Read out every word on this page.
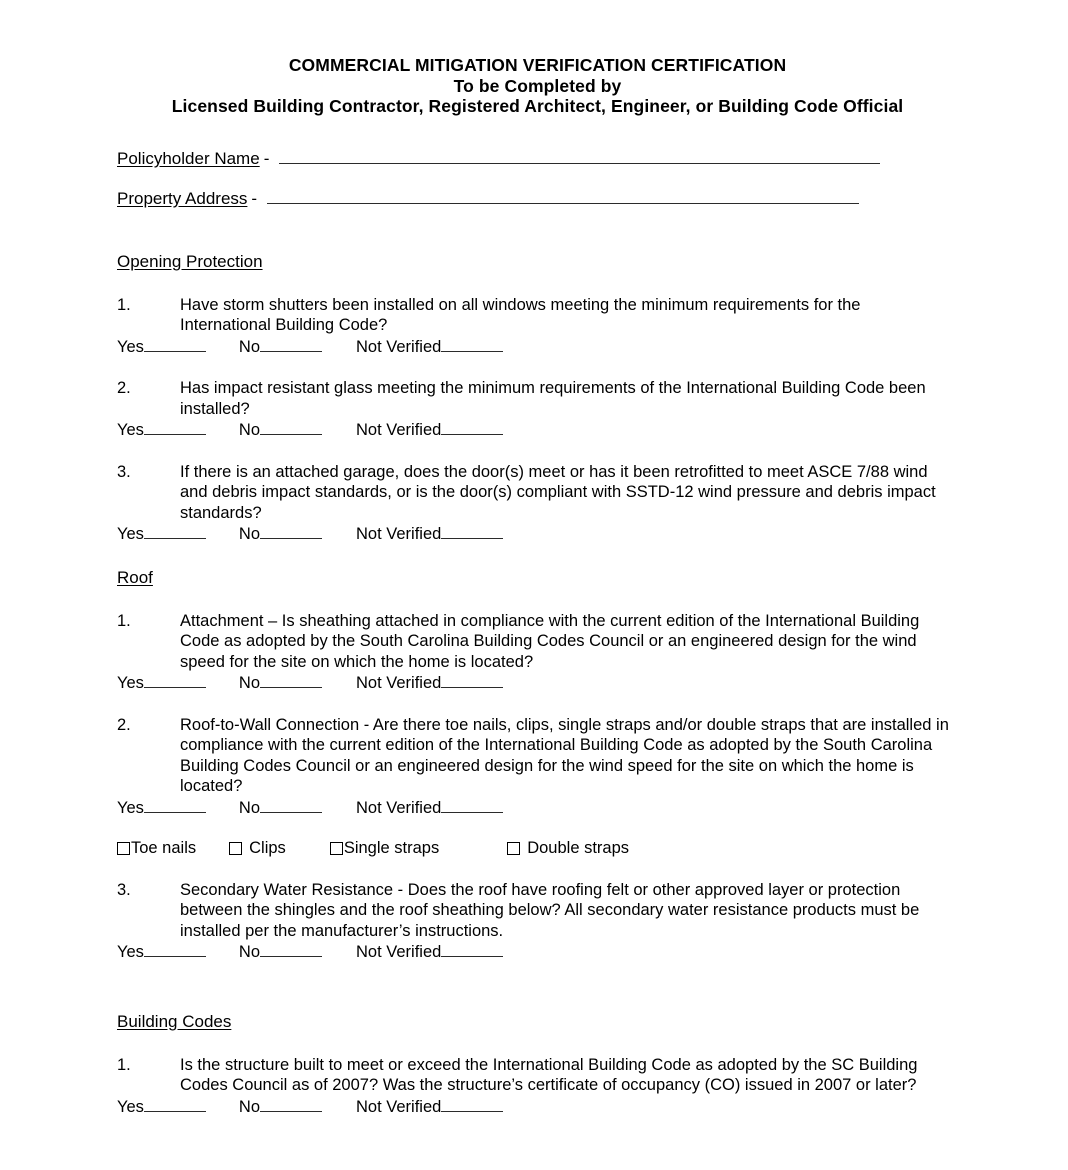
COMMERCIAL MITIGATION VERIFICATION CERTIFICATION
To be Completed by
Licensed Building Contractor, Registered Architect, Engineer, or Building Code Official
Policyholder Name -
Property Address -
Opening Protection
1.	Have storm shutters been installed on all windows meeting the minimum requirements for the International Building Code?
Yes	No	Not Verified
2.	Has impact resistant glass meeting the minimum requirements of the International Building Code been installed?
Yes	No	Not Verified
3.	If there is an attached garage, does the door(s) meet or has it been retrofitted to meet ASCE 7/88 wind and debris impact standards, or is the door(s) compliant with SSTD-12 wind pressure and debris impact standards?
Yes	No	Not Verified
Roof
1.	Attachment – Is sheathing attached in compliance with the current edition of the International Building Code as adopted by the South Carolina Building Codes Council or an engineered design for the wind speed for the site on which the home is located?
Yes	No	Not Verified
2.	Roof-to-Wall Connection - Are there toe nails, clips, single straps and/or double straps that are installed in compliance with the current edition of the International Building Code as adopted by the South Carolina Building Codes Council or an engineered design for the wind speed for the site on which the home is located?
Yes	No	Not Verified
Toe nails	Clips	Single straps	Double straps
3.	Secondary Water Resistance - Does the roof have roofing felt or other approved layer or protection between the shingles and the roof sheathing below? All secondary water resistance products must be installed per the manufacturer’s instructions.
Yes	No	Not Verified
Building Codes
1.	Is the structure built to meet or exceed the International Building Code as adopted by the SC Building Codes Council as of 2007? Was the structure’s certificate of occupancy (CO) issued in 2007 or later?
Yes	No	Not Verified
